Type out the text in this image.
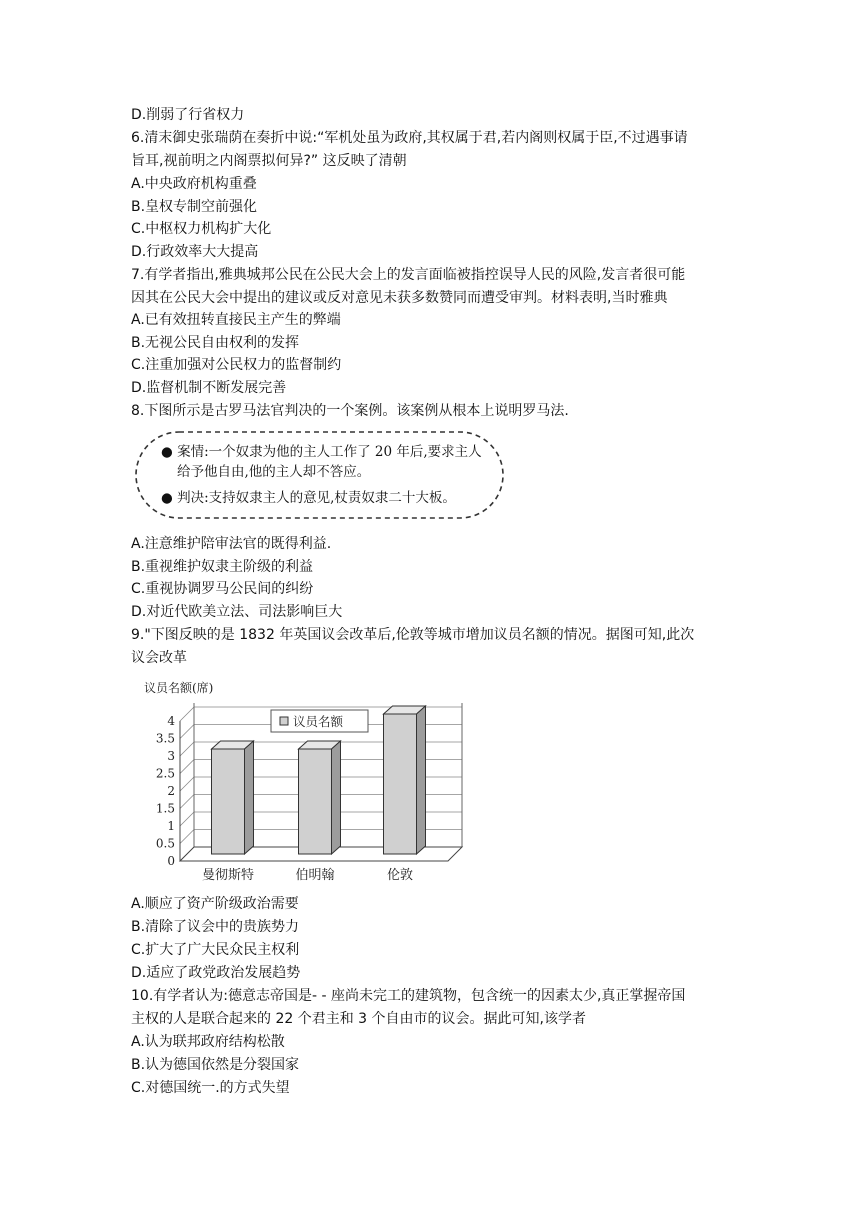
D.削弱了行省权力
6.清末御史张瑞荫在奏折中说:“军机处虽为政府,其权属于君,若内阁则权属于臣,不过遇事请
旨耳,视前明之内阁票拟何异?” 这反映了清朝
A.中央政府机构重叠
B.皇权专制空前强化
C.中枢权力机构扩大化
D.行政效率大大提高
7.有学者指出,雅典城邦公民在公民大会上的发言面临被指控误导人民的风险,发言者很可能
因其在公民大会中提出的建议或反对意见未获多数赞同而遭受审判。材料表明,当时雅典
A.已有效扭转直接民主产生的弊端
B.无视公民自由权利的发挥
C.注重加强对公民权力的监督制约
D.监督机制不断发展完善
8.下图所示是古罗马法官判决的一个案例。该案例从根本上说明罗马法.
● 案情:一个奴隶为他的主人工作了 20 年后,要求主人
给予他自由,他的主人却不答应。
● 判决:支持奴隶主人的意见,杖责奴隶二十大板。
A.注意维护陪审法官的既得利益.
B.重视维护奴隶主阶级的利益
C.重视协调罗马公民间的纠纷
D.对近代欧美立法、司法影响巨大
9."下图反映的是 1832 年英国议会改革后,伦敦等城市增加议员名额的情况。据图可知,此次
议会改革
议员名额(席)
0
0.5
1
1.5
2
2.5
3
3.5
4
曼彻斯特	伯明翰	伦敦
议员名额
A.顺应了资产阶级政治需要
B.清除了议会中的贵族势力
C.扩大了广大民众民主权利
D.适应了政党政治发展趋势
10.有学者认为:德意志帝国是- - 座尚未完工的建筑物，包含统一的因素太少,真正掌握帝国
主权的人是联合起来的 22 个君主和 3 个自由市的议会。据此可知,该学者
A.认为联邦政府结构松散
B.认为德国依然是分裂国家
C.对德国统一.的方式失望
